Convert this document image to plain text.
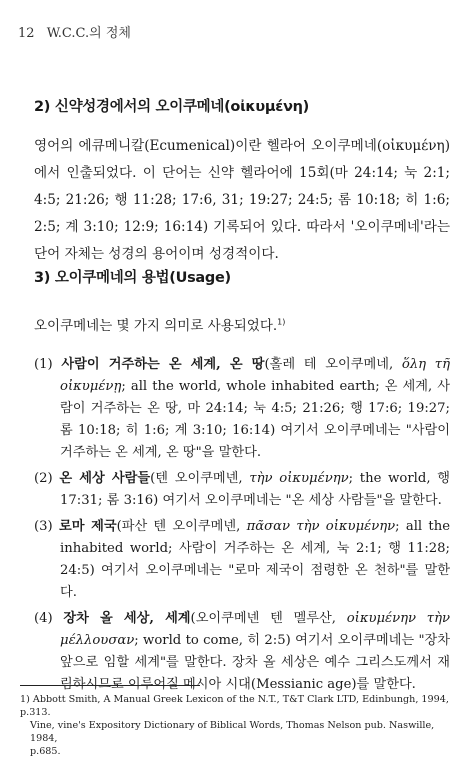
12 W.C.C.의 정체
2) 신약성경에서의 오이쿠메네(οἰκυμένη)

영어의 에큐메니칼(Ecumenical)이란 헬라어 오이쿠메네(οἰκυμένη)에서 인출되었다. 이 단어는 신약 헬라어에 15회(마 24:14; 눅 2:1; 4:5; 21:26; 행 11:28; 17:6, 31; 19:27; 24:5; 롬 10:18; 히 1:6; 2:5; 계 3:10; 12:9; 16:14) 기록되어 있다. 따라서 '오이쿠메네'라는 단어 자체는 성경의 용어이며 성경적이다.

3) 오이쿠메네의 용법(Usage)
오이쿠메네는 몇 가지 의미로 사용되었다.$^{1)}$

(1) 사람이 거주하는 온 세계, 온 땅(홀레 테 오이쿠메네, ὅλη τῆ οἰκυμένῃ; all the world, whole inhabited earth; 온 세계, 사람이 거주하는 온 땅, 마 24:14; 눅 4:5; 21:26; 행 17:6; 19:27; 롬 10:18; 히 1:6; 계 3:10; 16:14) 여기서 오이쿠메네는 "사람이 거주하는 온 세계, 온 땅"을 말한다.

(2) 온 세상 사람들(텐 오이쿠메넨, τὴν οἰκυμένην; the world, 행 17:31; 롬 3:16) 여기서 오이쿠메네는 "온 세상 사람들"을 말한다.

(3) 로마 제국(파산 텐 오이쿠메넨, πᾶσαν τὴν οἰκυμένην; all the inhabited world; 사람이 거주하는 온 세계, 눅 2:1; 행 11:28; 24:5) 여기서 오이쿠메네는 "로마 제국이 점령한 온 천하"를 말한다.

(4) 장차 올 세상, 세계(오이쿠메넨 텐 멜루산, οἰκυμένην τὴν μέλλουσαν; world to come, 히 2:5) 여기서 오이쿠메네는 "장차 앞으로 임할 세계"를 말한다. 장차 올 세상은 예수 그리스도께서 재림하시므로 이루어질 메시아 시대(Messianic age)를 말한다.

1) Abbott Smith, A Manual Greek Lexicon of the N.T., T&T Clark LTD, Edinbungh, 1994, p.313.
Vine, vine's Expository Dictionary of Biblical Words, Thomas Nelson pub. Naswille, 1984,
p.685.
